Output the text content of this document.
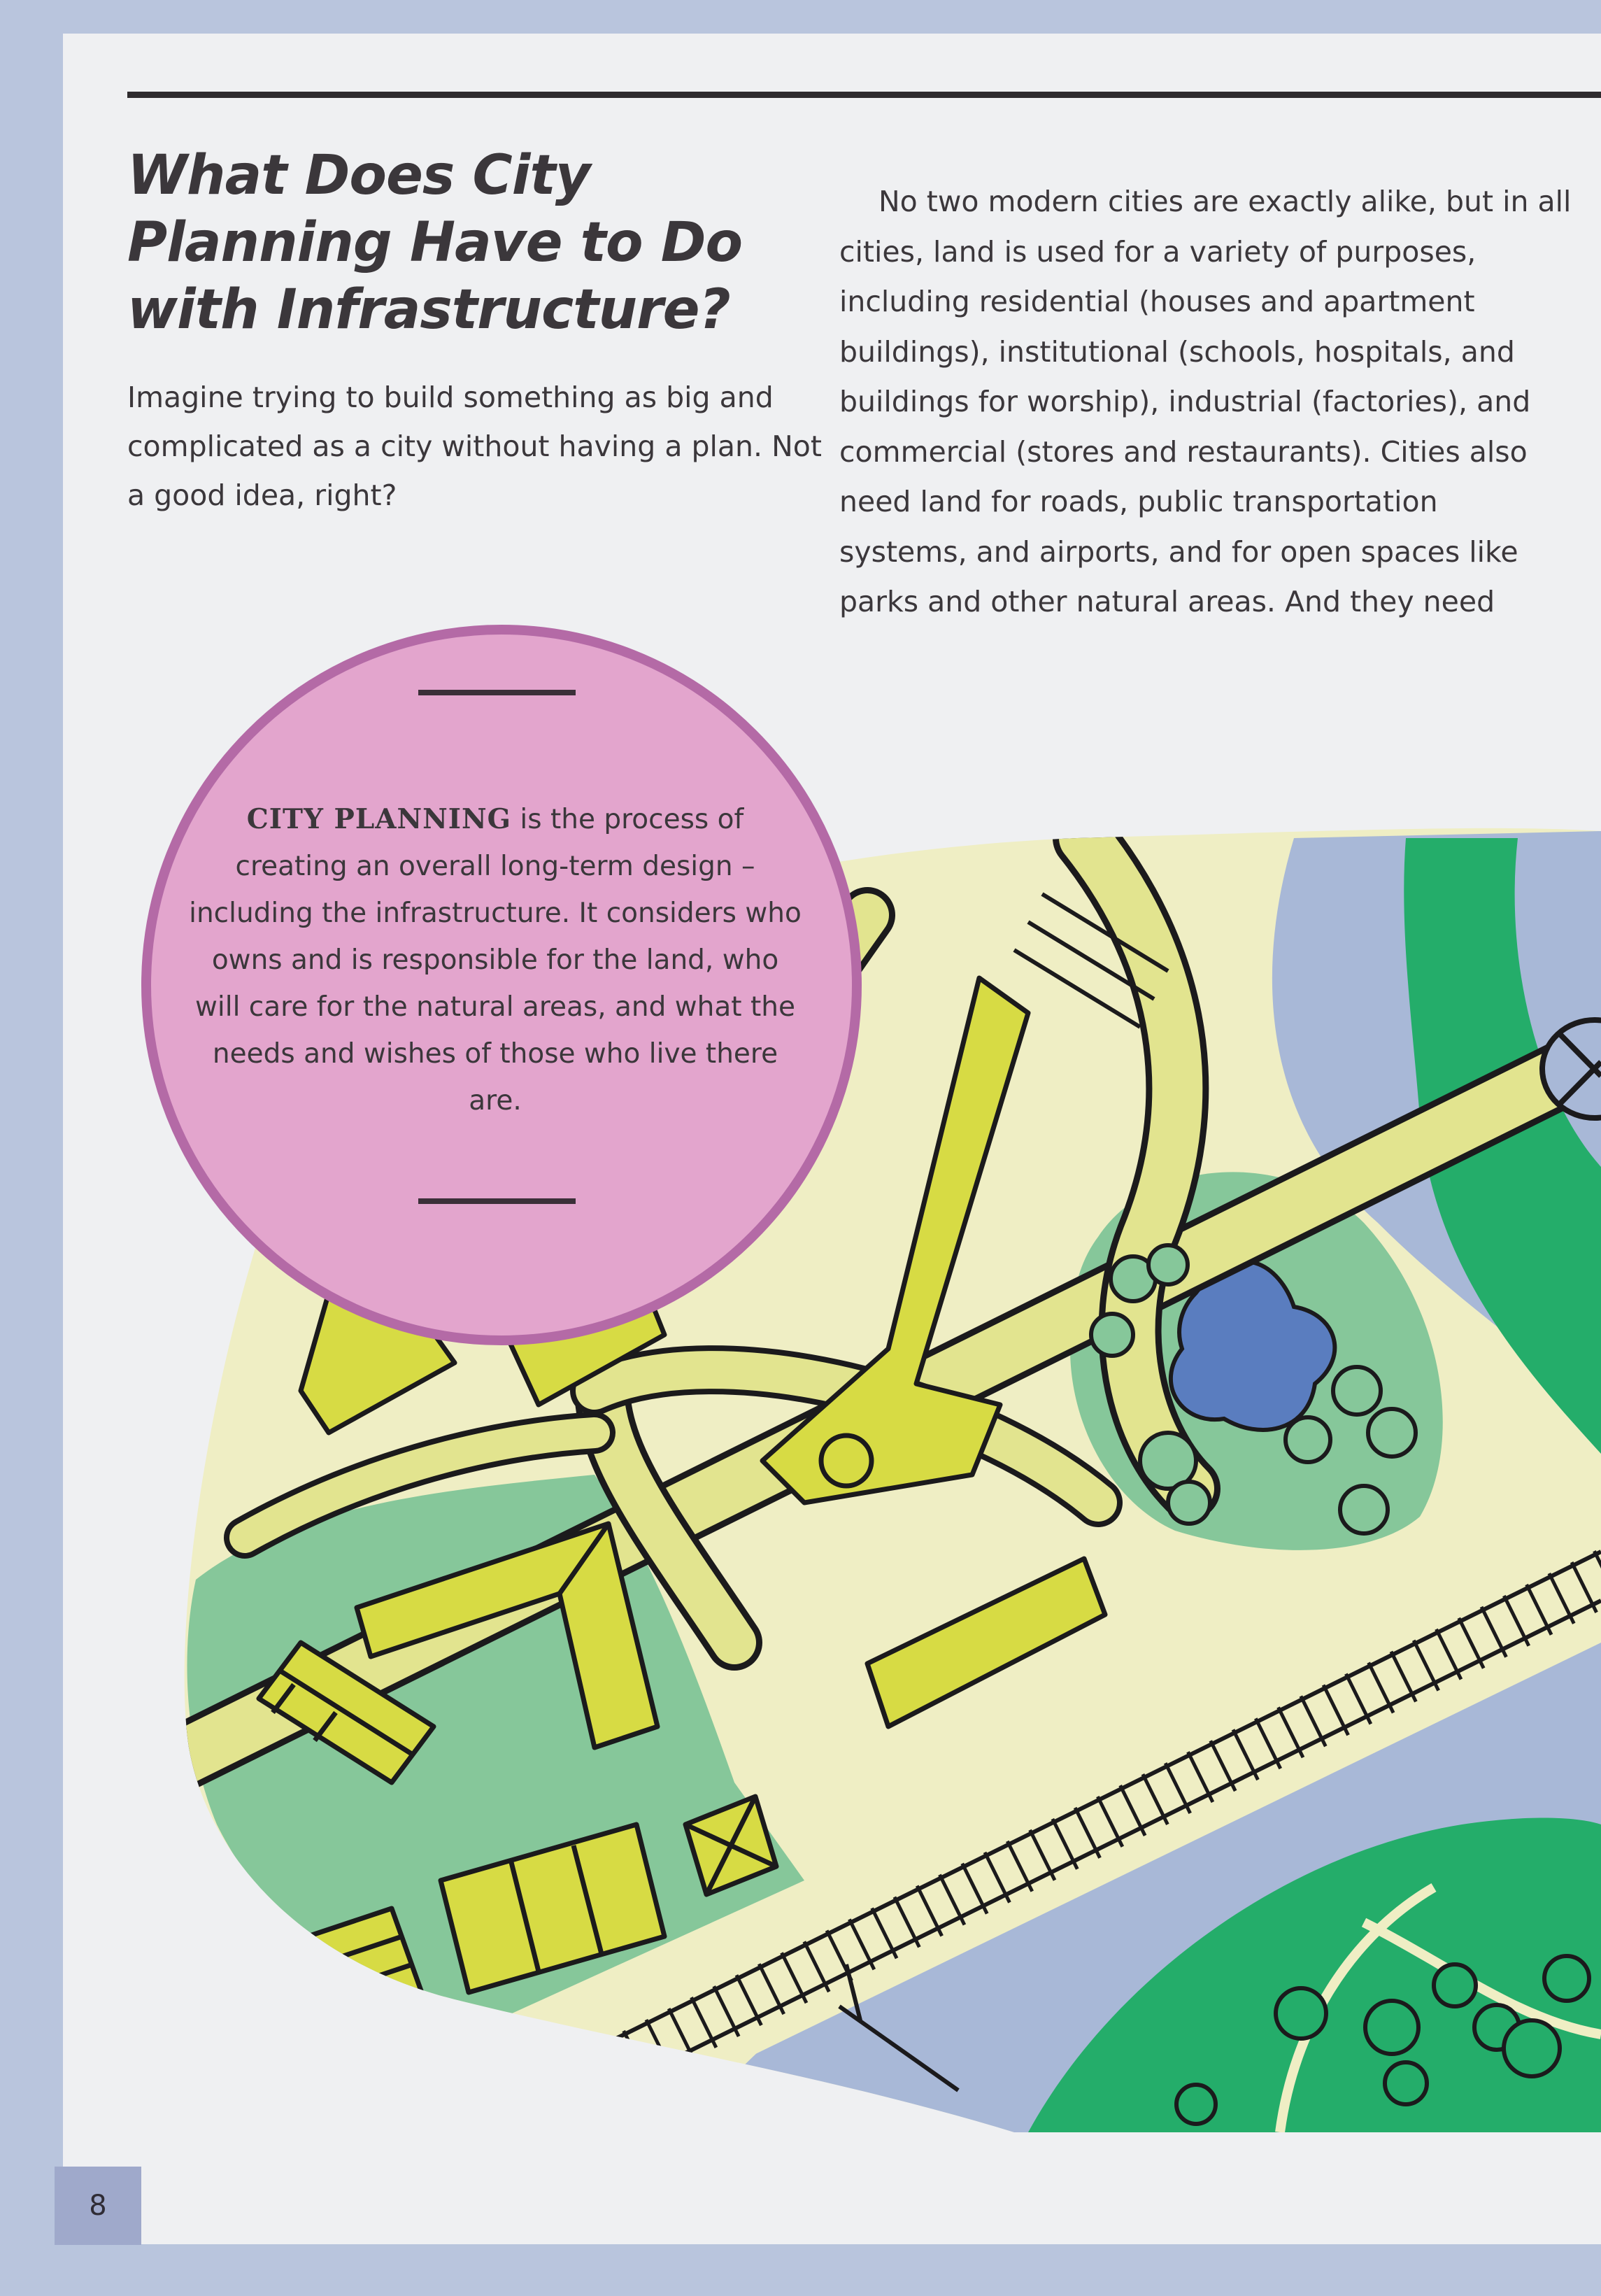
What Does City
Planning Have to Do
with Infrastructure?

Imagine trying to build something as big and complicated as a city without having a plan. Not a good idea, right?

No two modern cities are exactly alike, but in all cities, land is used for a variety of purposes, including residential (houses and apartment buildings), institutional (schools, hospitals, and buildings for worship), industrial (factories), and commercial (stores and restaurants). Cities also need land for roads, public transportation systems, and airports, and for open spaces like parks and other natural areas. And they need

CITY PLANNING is the process of creating an overall long-term design – including the infrastructure. It considers who owns and is responsible for the land, who will care for the natural areas, and what the needs and wishes of those who live there are.

8
